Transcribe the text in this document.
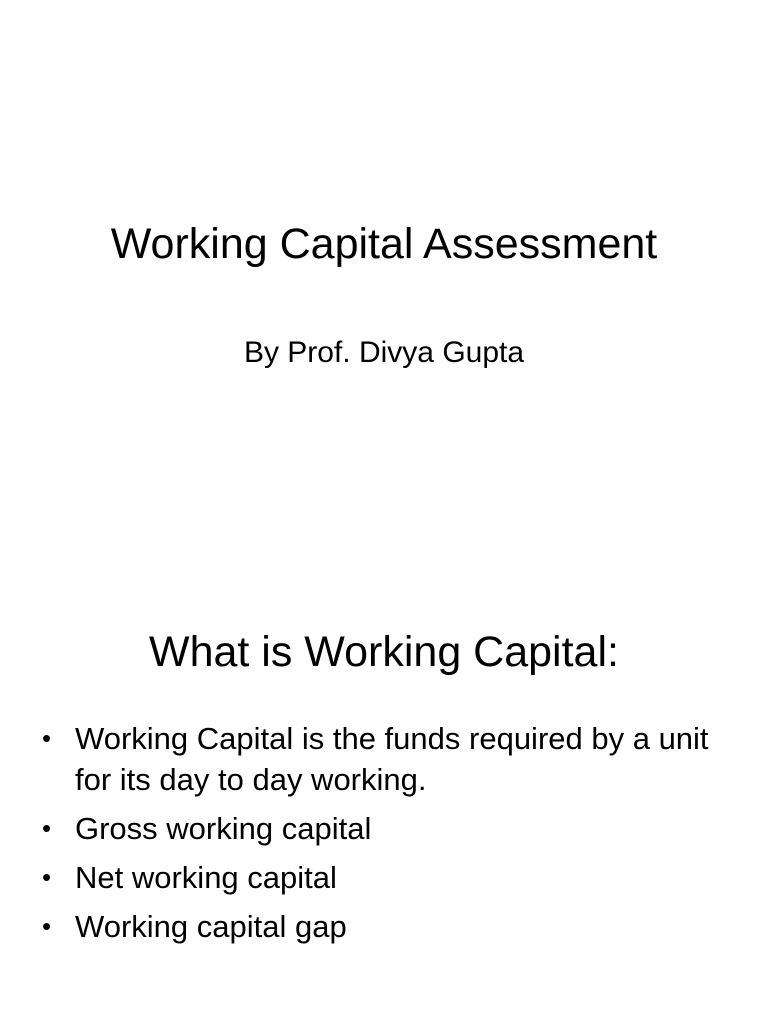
Working Capital Assessment

By Prof. Divya Gupta

What is Working Capital:
• Working Capital is the funds required by a unit for its day to day working.
• Gross working capital
• Net working capital
• Working capital gap
